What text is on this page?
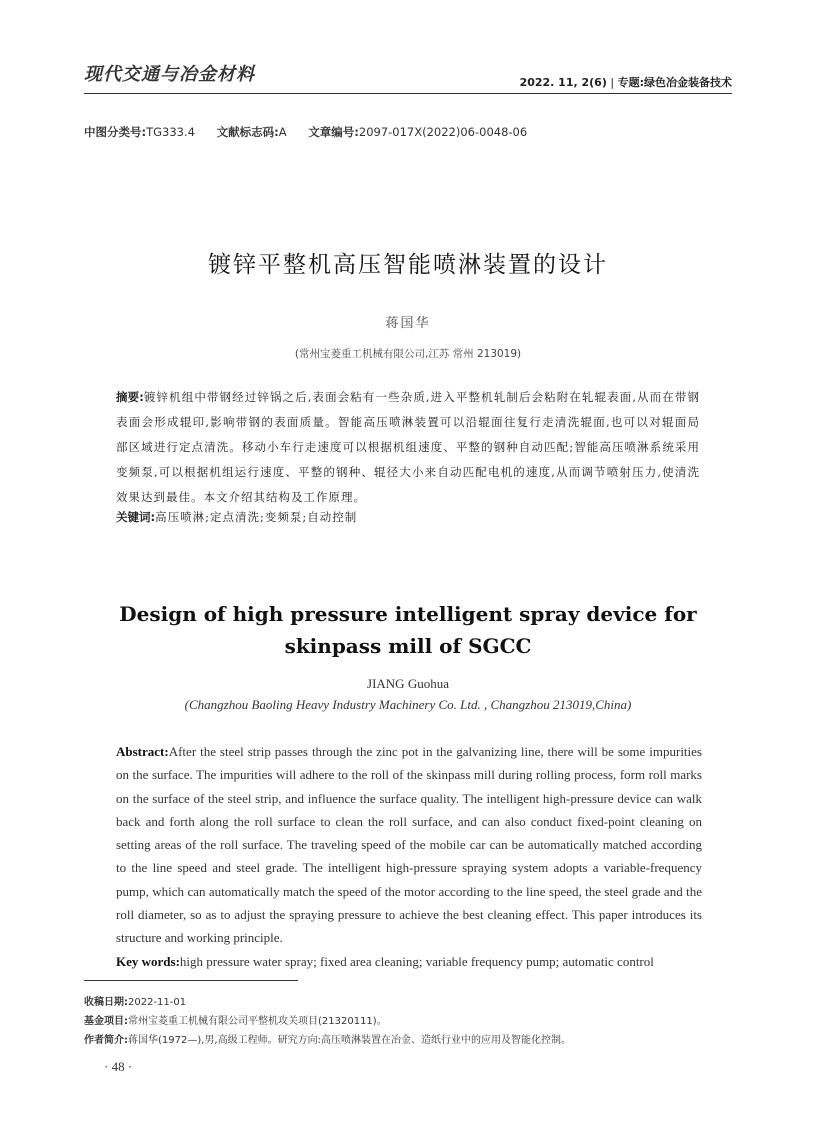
现代交通与冶金材料	2022. 11, 2(6) | 专题:绿色冶金装备技术
中图分类号:TG333.4 文献标志码:A 文章编号:2097-017X(2022)06-0048-06
镀锌平整机高压智能喷淋装置的设计
蒋国华
(常州宝菱重工机械有限公司,江苏 常州 213019)
摘要:镀锌机组中带钢经过锌锅之后,表面会粘有一些杂质,进入平整机轧制后会粘附在轧辊表面,从而在带钢表面会形成辊印,影响带钢的表面质量。智能高压喷淋装置可以沿辊面往复行走清洗辊面,也可以对辊面局部区域进行定点清洗。移动小车行走速度可以根据机组速度、平整的钢种自动匹配;智能高压喷淋系统采用变频泵,可以根据机组运行速度、平整的钢种、辊径大小来自动匹配电机的速度,从而调节喷射压力,使清洗效果达到最佳。本文介绍其结构及工作原理。
关键词:高压喷淋;定点清洗;变频泵;自动控制
Design of high pressure intelligent spray device for skinpass mill of SGCC
JIANG Guohua
(Changzhou Baoling Heavy Industry Machinery Co. Ltd. , Changzhou 213019,China)
Abstract:After the steel strip passes through the zinc pot in the galvanizing line, there will be some impurities on the surface. The impurities will adhere to the roll of the skinpass mill during rolling process, form roll marks on the surface of the steel strip, and influence the surface quality. The intelligent high-pressure device can walk back and forth along the roll surface to clean the roll surface, and can also conduct fixed-point cleaning on setting areas of the roll surface. The traveling speed of the mobile car can be automatically matched according to the line speed and steel grade. The intelligent high-pressure spraying system adopts a variable-frequency pump, which can automatically match the speed of the motor according to the line speed, the steel grade and the roll diameter, so as to adjust the spraying pressure to achieve the best cleaning effect. This paper introduces its structure and working principle.
Key words:high pressure water spray; fixed area cleaning; variable frequency pump; automatic control
收稿日期:2022-11-01
基金项目:常州宝菱重工机械有限公司平整机攻关项目(21320111)。
作者简介:蒋国华(1972—),男,高级工程师。研究方向:高压喷淋装置在冶金、造纸行业中的应用及智能化控制。
· 48 ·
